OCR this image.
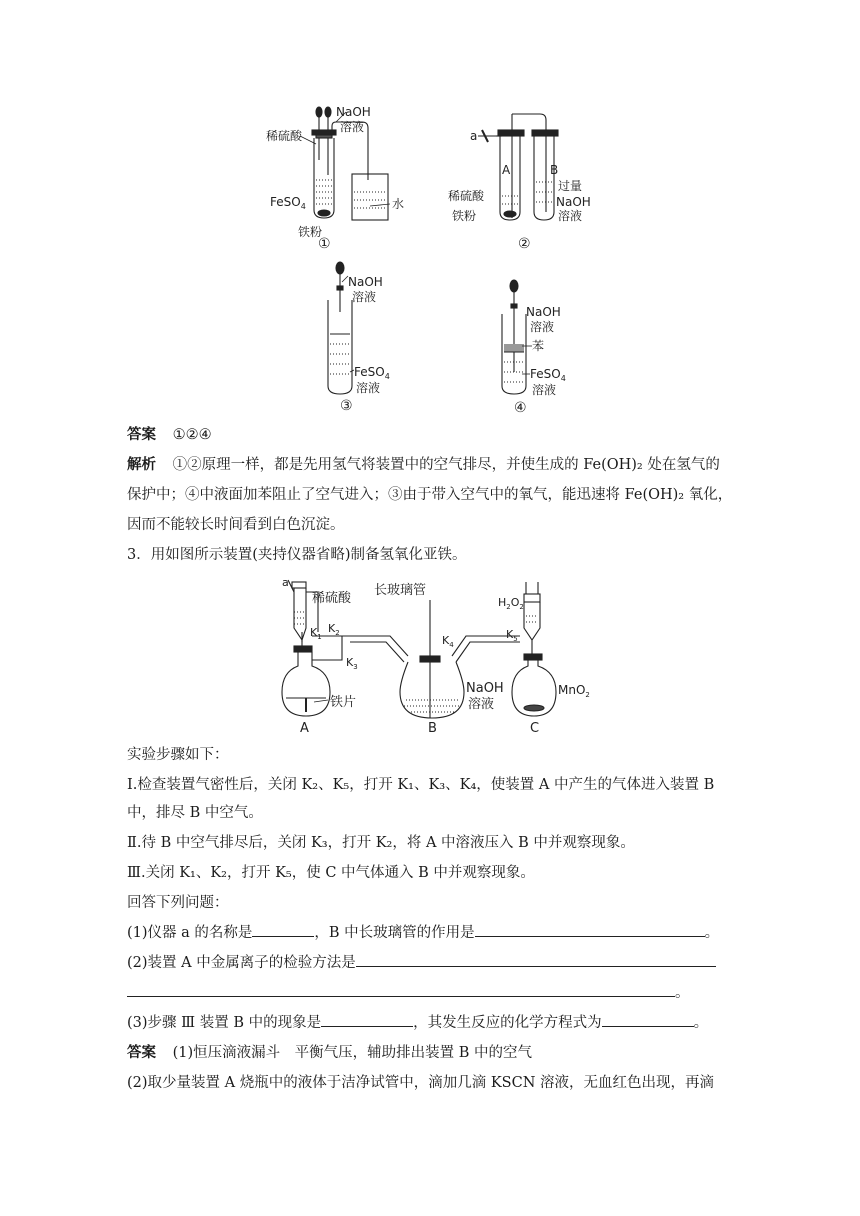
NaOH
溶液
稀硫酸
FeSO$_4$	水
铁粉
①
a
A	B
稀硫酸
铁粉
过量
NaOH
溶液
②
NaOH
溶液
FeSO$_4$
溶液
③
NaOH
溶液
苯
FeSO$_4$
溶液
④
答案 ①②④
解析 ①②原理一样，都是先用氢气将装置中的空气排尽，并使生成的 Fe(OH)₂ 处在氢气的
保护中；④中液面加苯阻止了空气进入；③由于带入空气中的氧气，能迅速将 Fe(OH)₂ 氧化，
因而不能较长时间看到白色沉淀。
3．用如图所示装置(夹持仪器省略)制备氢氧化亚铁。
a
$K_3$
$K_1$
$K_2$
稀硫酸
铁片
A
长玻璃管
$K_4$
NaOH
溶液
B
$H_2O_2$
$K_5$
MnO$_2$
C
实验步骤如下：
Ⅰ.检查装置气密性后，关闭 K₂、K₅，打开 K₁、K₃、K₄，使装置 A 中产生的气体进入装置 B
中，排尽 B 中空气。
Ⅱ.待 B 中空气排尽后，关闭 K₃，打开 K₂，将 A 中溶液压入 B 中并观察现象。
Ⅲ.关闭 K₁、K₂，打开 K₅，使 C 中气体通入 B 中并观察现象。
回答下列问题：
(1)仪器 a 的名称是	，B 中长玻璃管的作用是	。
(2)装置 A 中金属离子的检验方法是
。
(3)步骤 Ⅲ 装置 B 中的现象是	，其发生反应的化学方程式为	。
答案 (1)恒压滴液漏斗　平衡气压，辅助排出装置 B 中的空气
(2)取少量装置 A 烧瓶中的液体于洁净试管中，滴加几滴 KSCN 溶液，无血红色出现，再滴
